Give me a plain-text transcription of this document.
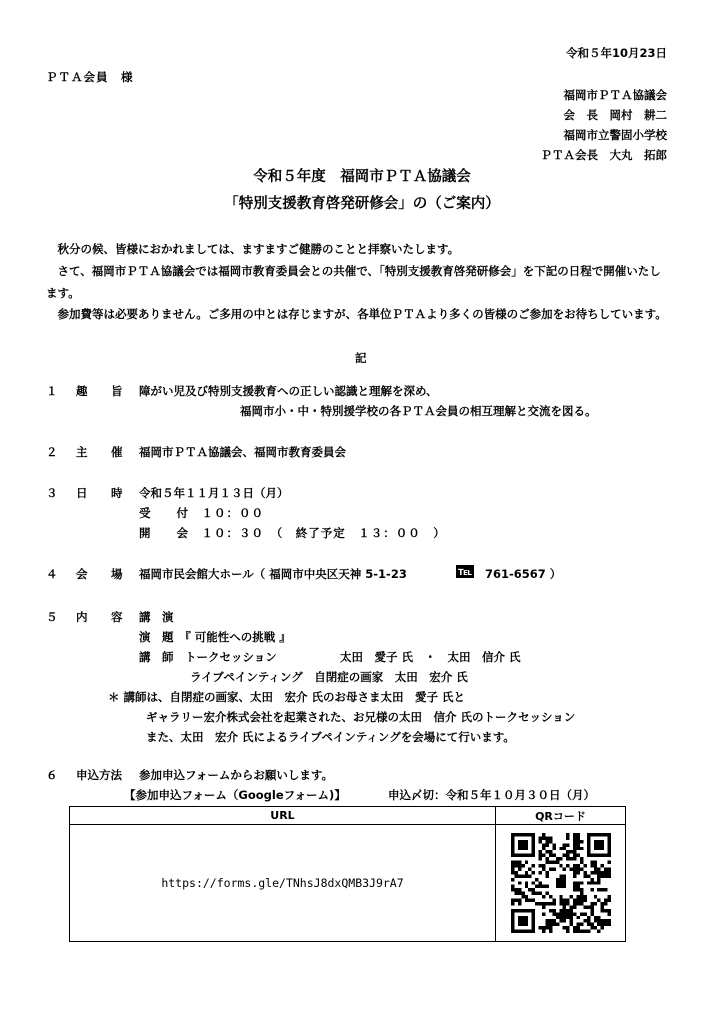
令和５年10月23日
ＰＴＡ会員　様
福岡市ＰＴＡ協議会
会　長　岡村　耕二
福岡市立警固小学校
ＰＴＡ会長　大丸　拓郎
令和５年度　福岡市ＰＴＡ協議会
「特別支援教育啓発研修会」の（ご案内）
　秋分の候、皆様におかれましては、ますますご健勝のことと拝察いたします。
　さて、福岡市ＰＴＡ協議会では福岡市教育委員会との共催で、「特別支援教育啓発研修会」を下記の日程で開催いたします。
　参加費等は必要ありません。ご多用の中とは存じますが、各単位ＰＴＡより多くの皆様のご参加をお待ちしています。
記
１ 趣　旨 障がい児及び特別支援教育への正しい認識と理解を深め、
福岡市小・中・特別援学校の各ＰＴＡ会員の相互理解と交流を図る。
２ 主　催 福岡市ＰＴＡ協議会、福岡市教育委員会
３ 日　時 令和５年１１月１３日（月）
受　　付　１０：００
開　　会　１０：３０　（　終了予定　１３：００　）
４ 会　場 福岡市民会館大ホール（ 福岡市中央区天神 5-1-23	℡ 761-6567 ）
５ 内　容 講　演
演　題　『 可能性への挑戦 』
講　師　トークセッション	太田　愛子 氏　・　太田　信介 氏
ライブペインティング　自閉症の画家　太田　宏介 氏
＊ 講師は、自閉症の画家、太田　宏介 氏のお母さま太田　愛子 氏と
ギャラリー宏介株式会社を起業された、お兄様の太田　信介 氏のトークセッション
また、太田　宏介 氏によるライブペインティングを会場にて行います。
６ 申込方法	参加申込フォームからお願いします。
【参加申込フォーム（Googleフォーム)】	申込〆切：令和５年１０月３０日（月）
URL	QRコード
https://forms.gle/TNhsJ8dxQMB3J9rA7	
